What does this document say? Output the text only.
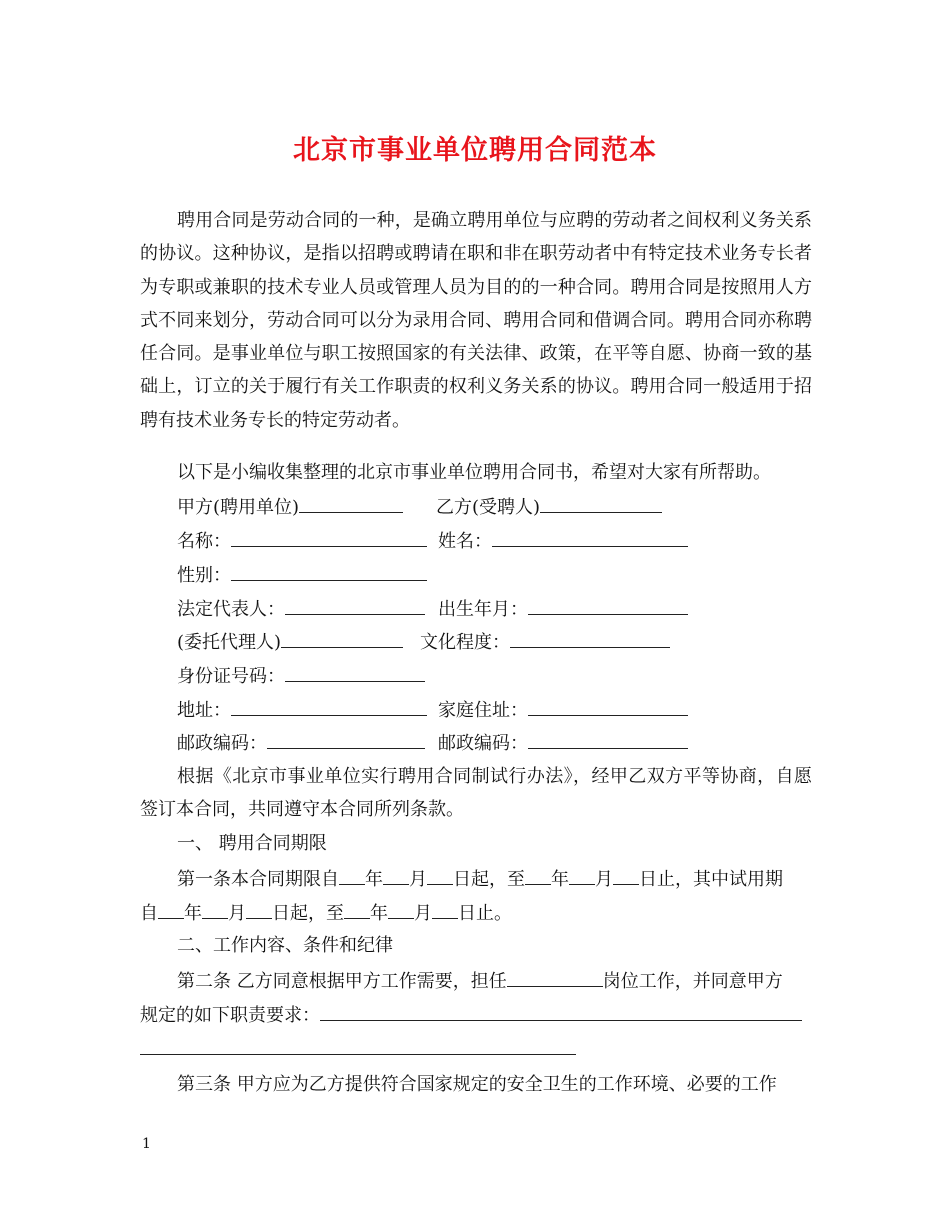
北京市事业单位聘用合同范本
聘用合同是劳动合同的一种，是确立聘用单位与应聘的劳动者之间权利义务关系的协议。这种协议，是指以招聘或聘请在职和非在职劳动者中有特定技术业务专长者为专职或兼职的技术专业人员或管理人员为目的的一种合同。聘用合同是按照用人方式不同来划分，劳动合同可以分为录用合同、聘用合同和借调合同。聘用合同亦称聘任合同。是事业单位与职工按照国家的有关法律、政策，在平等自愿、协商一致的基础上，订立的关于履行有关工作职责的权利义务关系的协议。聘用合同一般适用于招聘有技术业务专长的特定劳动者。
以下是小编收集整理的北京市事业单位聘用合同书，希望对大家有所帮助。
甲方(聘用单位)	乙方(受聘人)
名称：	姓名：
性别：
法定代表人：	出生年月：
(委托代理人)	文化程度：
身份证号码：
地址：	家庭住址：
邮政编码：	邮政编码：
根据《北京市事业单位实行聘用合同制试行办法》，经甲乙双方平等协商，自愿签订本合同，共同遵守本合同所列条款。
一、 聘用合同期限
第一条本合同期限自 年 月 日起，至 年 月 日止，其中试用期
自 年 月 日起，至 年 月 日止。
二、工作内容、条件和纪律
第二条 乙方同意根据甲方工作需要，担任	岗位工作，并同意甲方
规定的如下职责要求：
第三条 甲方应为乙方提供符合国家规定的安全卫生的工作环境、必要的工作
1
